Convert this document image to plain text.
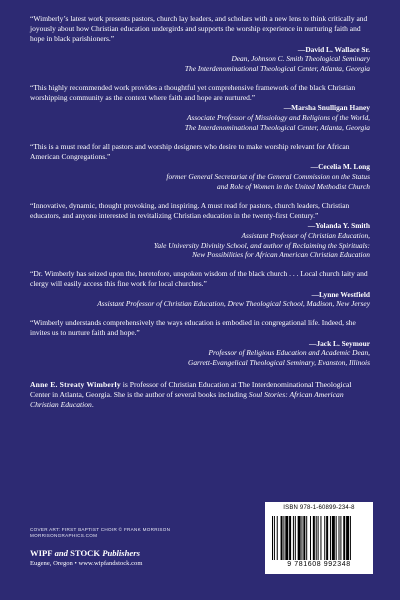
“Wimberly’s latest work presents pastors, church lay leaders, and scholars with a new lens to think critically and joyously about how Christian education undergirds and supports the worship experience in nurturing faith and hope in black parishioners.”

—David L. Wallace Sr.
Dean, Johnson C. Smith Theological Seminary
The Interdenominational Theological Center, Atlanta, Georgia

“This highly recommended work provides a thoughtful yet comprehensive framework of the black Christian worshipping community as the context where faith and hope are nurtured.”

—Marsha Snulligan Haney
Associate Professor of Missiology and Religions of the World,
The Interdenominational Theological Center, Atlanta, Georgia

“This is a must read for all pastors and worship designers who desire to make worship relevant for African American Congregations.”

—Cecelia M. Long
former General Secretariat of the General Commission on the Status
and Role of Women in the United Methodist Church

“Innovative, dynamic, thought provoking, and inspiring. A must read for pastors, church leaders, Christian educators, and anyone interested in revitalizing Christian education in the twenty-first Century.”

—Yolanda Y. Smith
Assistant Professor of Christian Education,
Yale University Divinity School, and author of Reclaiming the Spirituals:
New Possibilities for African American Christian Education

“Dr. Wimberly has seized upon the, heretofore, unspoken wisdom of the black church . . . Local church laity and clergy will easily access this fine work for local churches.”

—Lynne Westfield
Assistant Professor of Christian Education, Drew Theological School, Madison, New Jersey

“Wimberly understands comprehensively the ways education is embodied in congregational life. Indeed, she invites us to nurture faith and hope.”

—Jack L. Seymour
Professor of Religious Education and Academic Dean,
Garrett-Evangelical Theological Seminary, Evanston, Illinois

Anne E. Streaty Wimberly is Professor of Christian Education at The Interdenominational Theological Center in Atlanta, Georgia. She is the author of several books including Soul Stories: African American Christian Education.

COVER ART: FIRST BAPTIST CHOIR © FRANK MORRISON
MORRISONGRAPHICS.COM
WIPF and STOCK Publishers
Eugene, Oregon • www.wipfandstock.com
ISBN 978-1-60899-234-8
9 781608 992348
